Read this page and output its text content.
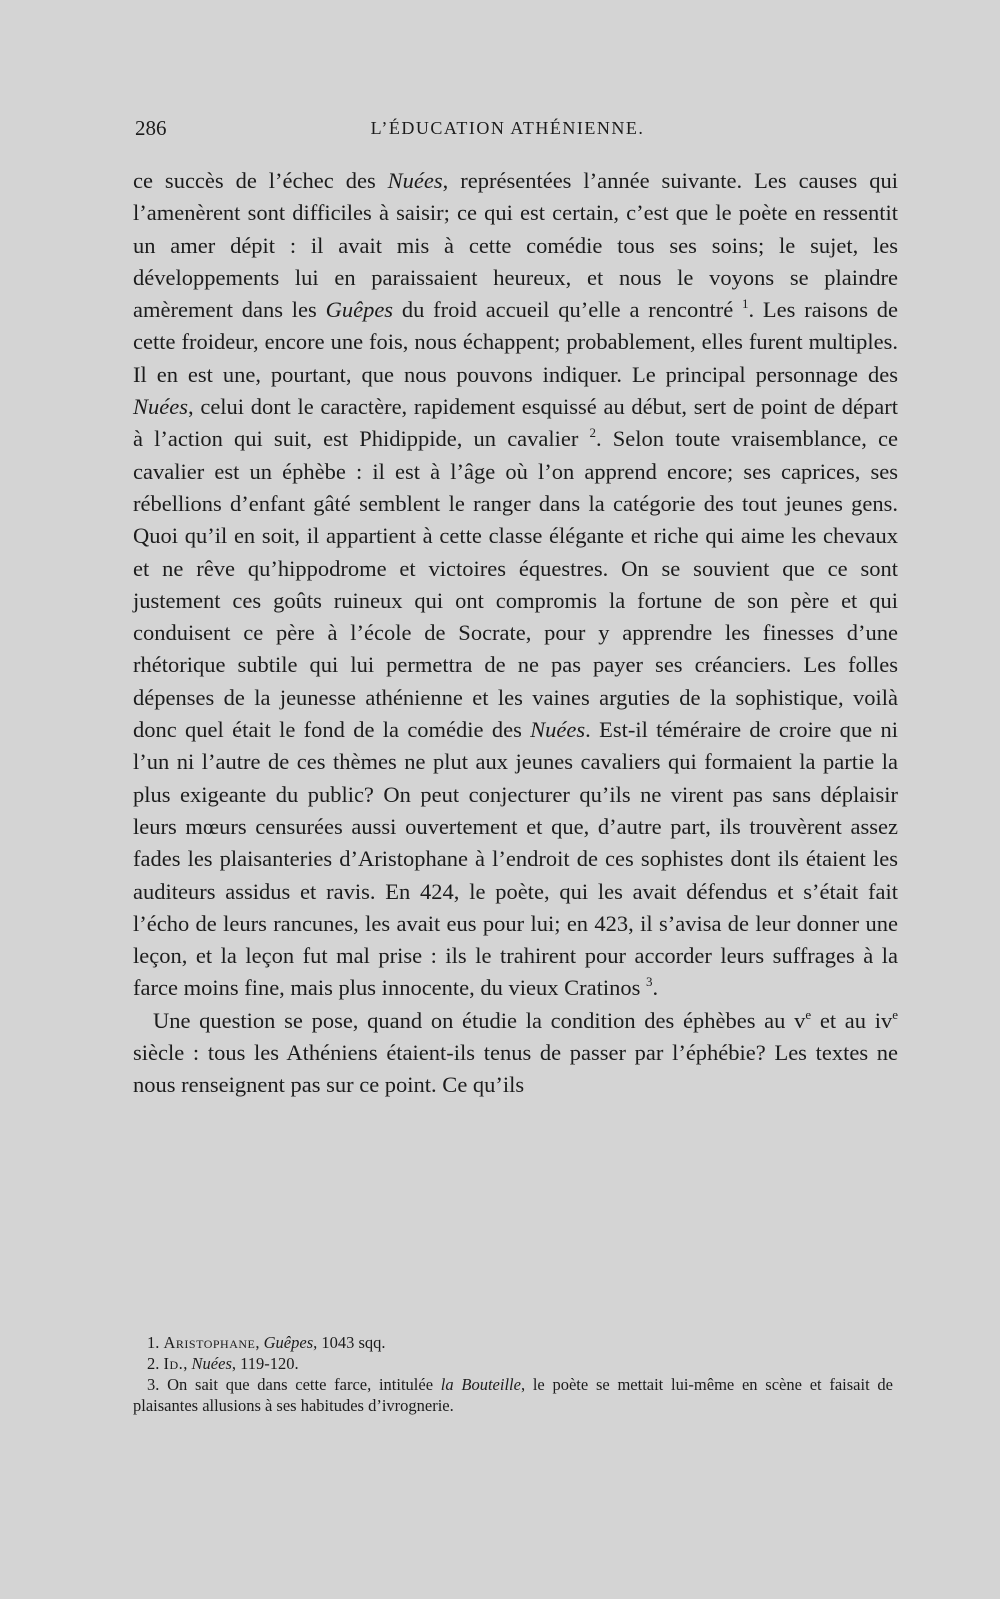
286	L’ÉDUCATION ATHÉNIENNE.

ce succès de l’échec des Nuées, représentées l’année suivante. Les causes qui l’amenèrent sont difficiles à saisir; ce qui est certain, c’est que le poète en ressentit un amer dépit : il avait mis à cette comédie tous ses soins; le sujet, les développements lui en paraissaient heureux, et nous le voyons se plaindre amèrement dans les Guêpes du froid accueil qu’elle a rencontré $^1$. Les raisons de cette froideur, encore une fois, nous échappent; probablement, elles furent multiples. Il en est une, pourtant, que nous pouvons indiquer. Le principal personnage des Nuées, celui dont le caractère, rapidement esquissé au début, sert de point de départ à l’action qui suit, est Phidippide, un cavalier $^2$. Selon toute vraisemblance, ce cavalier est un éphèbe : il est à l’âge où l’on apprend encore; ses caprices, ses rébellions d’enfant gâté semblent le ranger dans la catégorie des tout jeunes gens. Quoi qu’il en soit, il appartient à cette classe élégante et riche qui aime les chevaux et ne rêve qu’hippodrome et victoires équestres. On se souvient que ce sont justement ces goûts ruineux qui ont compromis la fortune de son père et qui conduisent ce père à l’école de Socrate, pour y apprendre les finesses d’une rhétorique subtile qui lui permettra de ne pas payer ses créanciers. Les folles dépenses de la jeunesse athénienne et les vaines arguties de la sophistique, voilà donc quel était le fond de la comédie des Nuées. Est-il téméraire de croire que ni l’un ni l’autre de ces thèmes ne plut aux jeunes cavaliers qui formaient la partie la plus exigeante du public? On peut conjecturer qu’ils ne virent pas sans déplaisir leurs mœurs censurées aussi ouvertement et que, d’autre part, ils trouvèrent assez fades les plaisanteries d’Aristophane à l’endroit de ces sophistes dont ils étaient les auditeurs assidus et ravis. En 424, le poète, qui les avait défendus et s’était fait l’écho de leurs rancunes, les avait eus pour lui; en 423, il s’avisa de leur donner une leçon, et la leçon fut mal prise : ils le trahirent pour accorder leurs suffrages à la farce moins fine, mais plus innocente, du vieux Cratinos $^3$.

Une question se pose, quand on étudie la condition des éphèbes au $v^e$ et au $iv^e$ siècle : tous les Athéniens étaient-ils tenus de passer par l’éphébie? Les textes ne nous renseignent pas sur ce point. Ce qu’ils

1. Aristophane, Guêpes, 1043 sqq.

2. Id., Nuées, 119-120.

3. On sait que dans cette farce, intitulée la Bouteille, le poète se mettait lui-même en scène et faisait de plaisantes allusions à ses habitudes d’ivrognerie.
